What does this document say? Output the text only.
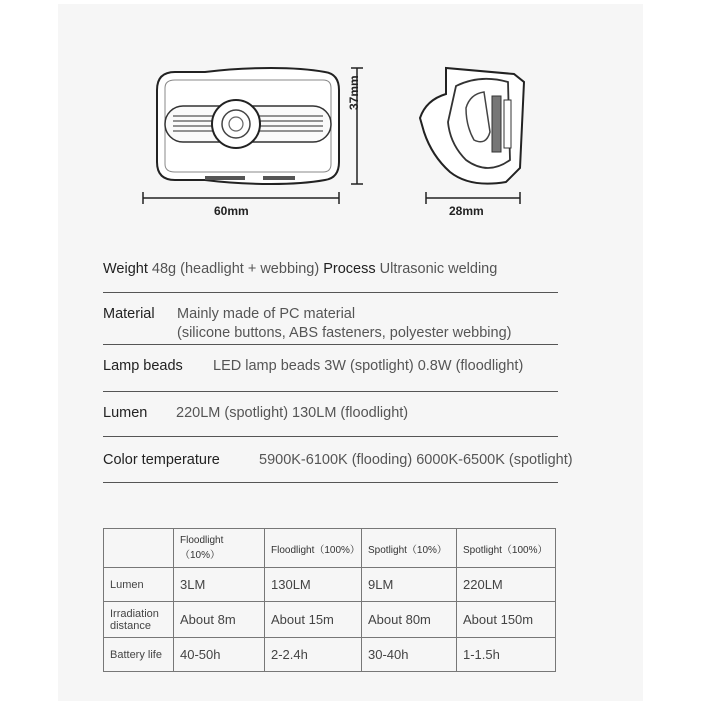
60mm
37mm
28mm
Weight 48g (headlight + webbing) Process Ultrasonic welding
Material Mainly made of PC material
(silicone buttons, ABS fasteners, polyester webbing)
Lamp beads LED lamp beads 3W (spotlight) 0.8W (floodlight)
Lumen 220LM (spotlight) 130LM (floodlight)
Color temperature	5900K-6100K (flooding) 6000K-6500K (spotlight)
	Floodlight（10%）	Floodlight（100%）	Spotlight（10%）	Spotlight（100%）
Lumen	3LM	130LM	9LM	220LM
Irradiation distance	About 8m	About 15m	About 80m	About 150m
Battery life	40-50h	2-2.4h	30-40h	1-1.5h
